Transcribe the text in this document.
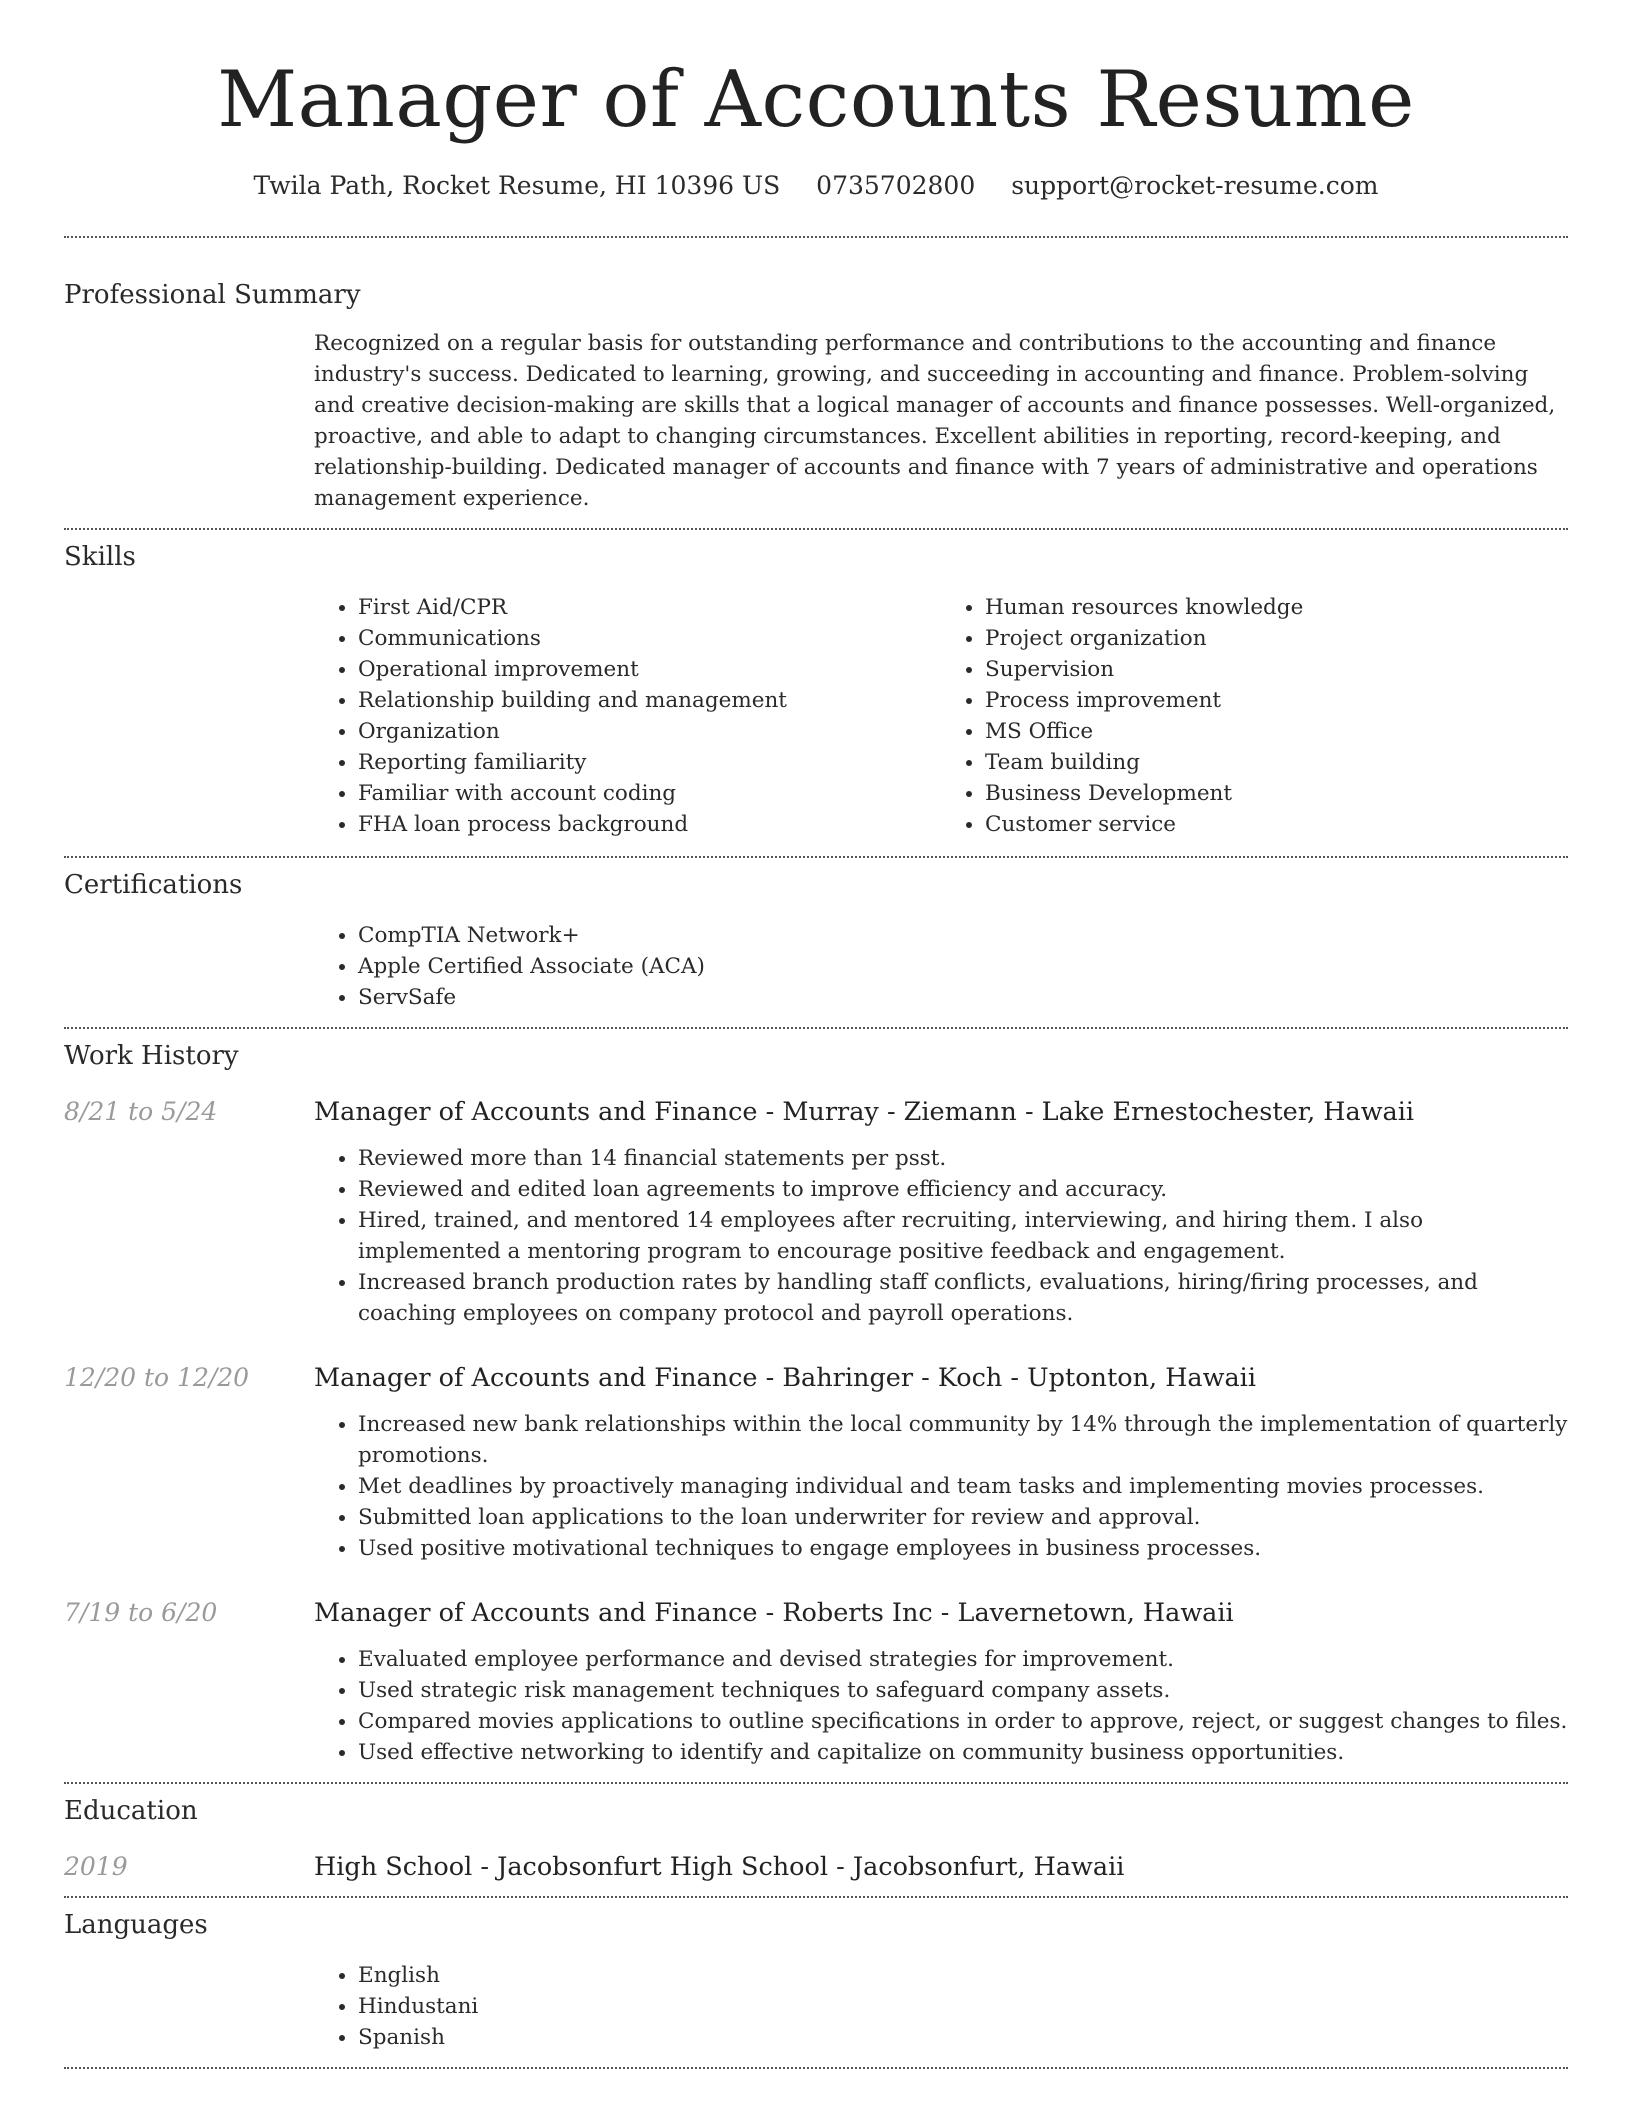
Manager of Accounts Resume
Twila Path, Rocket Resume, HI 10396 US 0735702800 support@rocket-resume.com
Professional Summary

Recognized on a regular basis for outstanding performance and contributions to the accounting and finance industry's success. Dedicated to learning, growing, and succeeding in accounting and finance. Problem-solving and creative decision-making are skills that a logical manager of accounts and finance possesses. Well-organized, proactive, and able to adapt to changing circumstances. Excellent abilities in reporting, record-keeping, and relationship-building. Dedicated manager of accounts and finance with 7 years of administrative and operations management experience.

Skills
• First Aid/CPR
• Communications
• Operational improvement
• Relationship building and management
• Organization
• Reporting familiarity
• Familiar with account coding
• FHA loan process background
• Human resources knowledge
• Project organization
• Supervision
• Process improvement
• MS Office
• Team building
• Business Development
• Customer service
Certifications
• CompTIA Network+
• Apple Certified Associate (ACA)
• ServSafe
Work History
8/21 to 5/24	Manager of Accounts and Finance - Murray - Ziemann - Lake Ernestochester, Hawaii
• Reviewed more than 14 financial statements per psst.
• Reviewed and edited loan agreements to improve efficiency and accuracy.
• Hired, trained, and mentored 14 employees after recruiting, interviewing, and hiring them. I also implemented a mentoring program to encourage positive feedback and engagement.
• Increased branch production rates by handling staff conflicts, evaluations, hiring/firing processes, and coaching employees on company protocol and payroll operations.
12/20 to 12/20	Manager of Accounts and Finance - Bahringer - Koch - Uptonton, Hawaii
• Increased new bank relationships within the local community by 14% through the implementation of quarterly promotions.
• Met deadlines by proactively managing individual and team tasks and implementing movies processes.
• Submitted loan applications to the loan underwriter for review and approval.
• Used positive motivational techniques to engage employees in business processes.
7/19 to 6/20	Manager of Accounts and Finance - Roberts Inc - Lavernetown, Hawaii
• Evaluated employee performance and devised strategies for improvement.
• Used strategic risk management techniques to safeguard company assets.
• Compared movies applications to outline specifications in order to approve, reject, or suggest changes to files.
• Used effective networking to identify and capitalize on community business opportunities.
Education
2019	High School - Jacobsonfurt High School - Jacobsonfurt, Hawaii
Languages
• English
• Hindustani
• Spanish
